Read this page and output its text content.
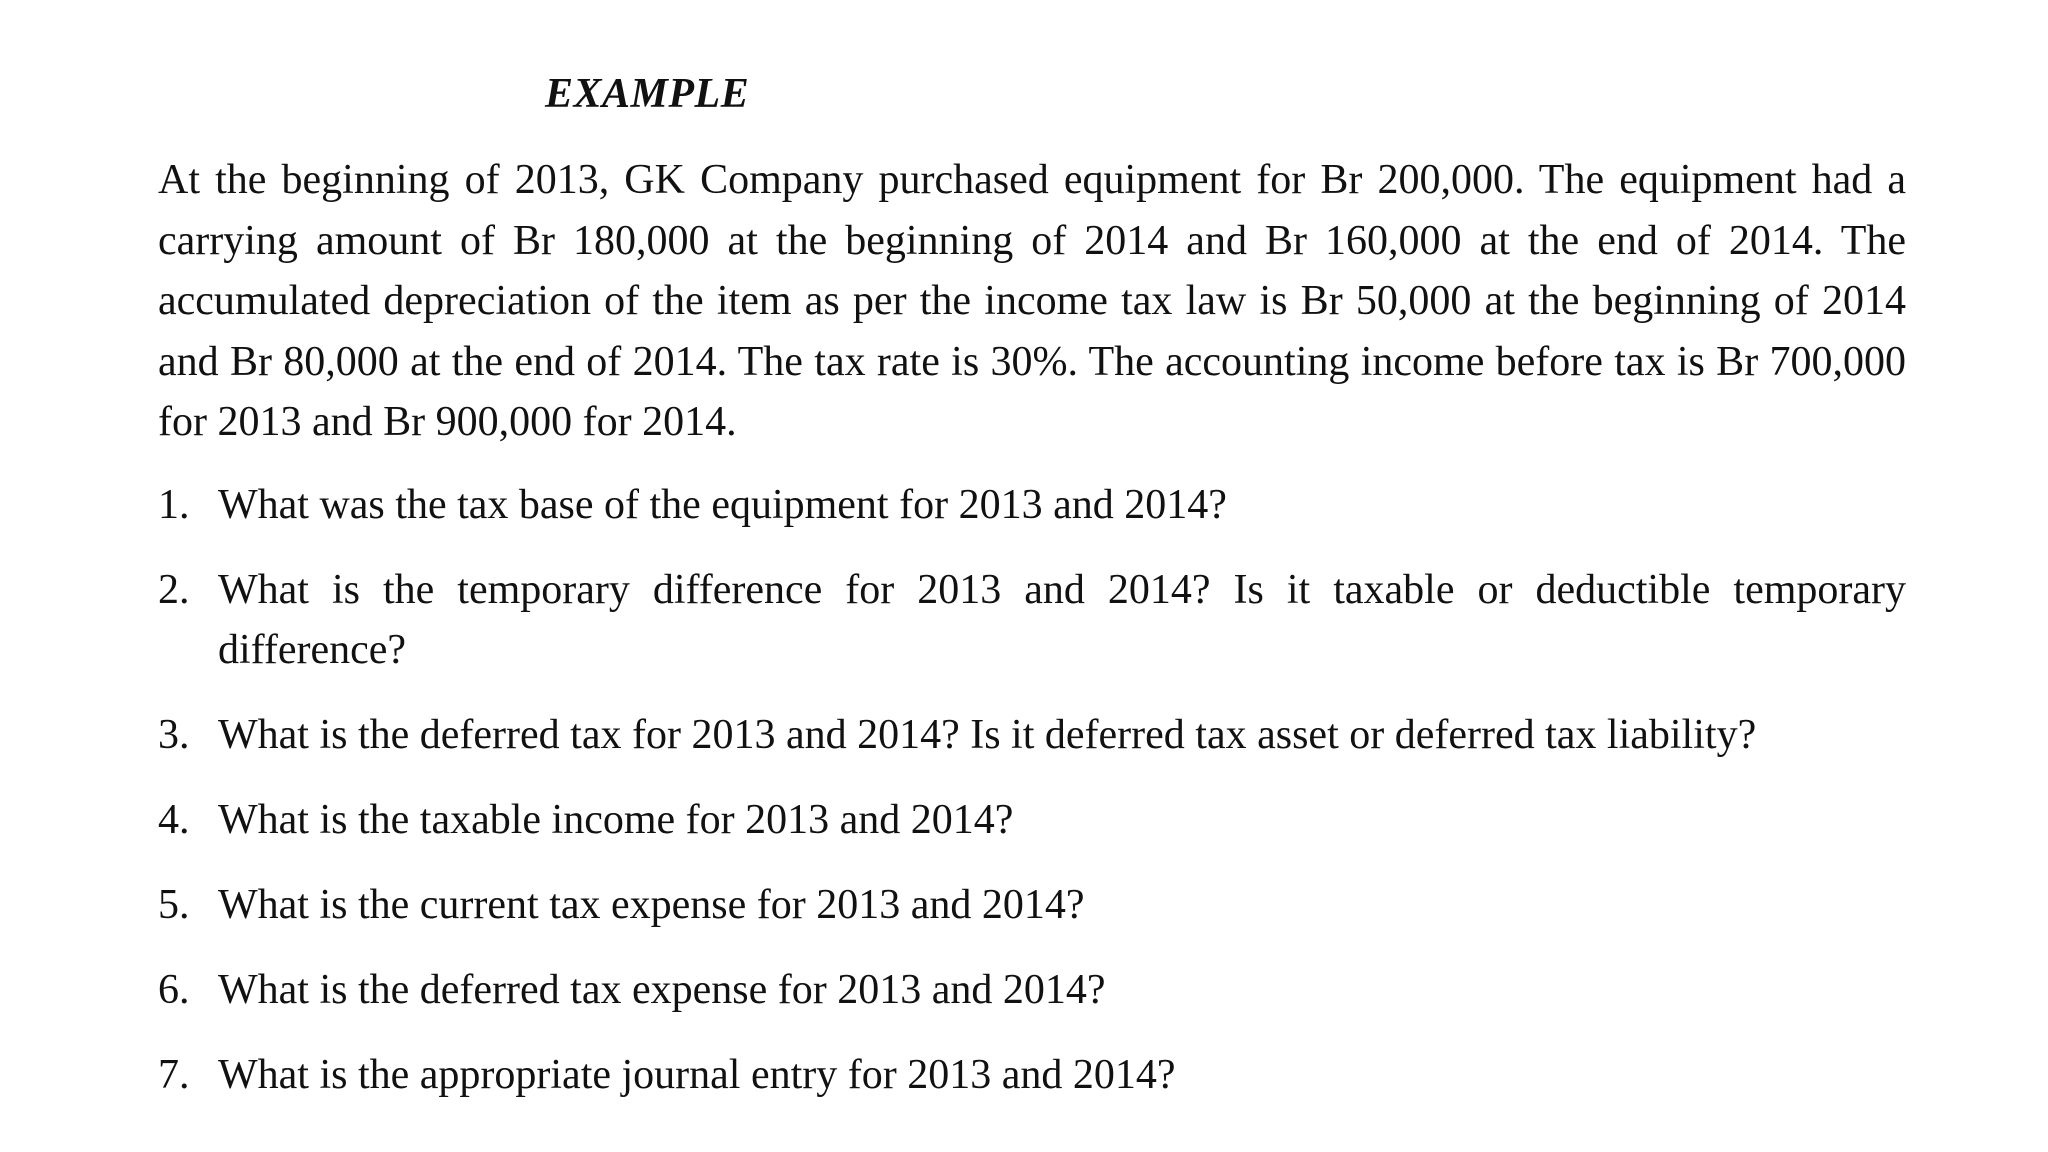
EXAMPLE

At the beginning of 2013, GK Company purchased equipment for Br 200,000. The equipment had a carrying amount of Br 180,000 at the beginning of 2014 and Br 160,000 at the end of 2014. The accumulated depreciation of the item as per the income tax law is Br 50,000 at the beginning of 2014 and Br 80,000 at the end of 2014. The tax rate is 30%. The accounting income before tax is Br 700,000 for 2013 and Br 900,000 for 2014.

1. What was the tax base of the equipment for 2013 and 2014?
2. What is the temporary difference for 2013 and 2014? Is it taxable or deductible temporary difference?
3. What is the deferred tax for 2013 and 2014? Is it deferred tax asset or deferred tax liability?
4. What is the taxable income for 2013 and 2014?
5. What is the current tax expense for 2013 and 2014?
6. What is the deferred tax expense for 2013 and 2014?
7. What is the appropriate journal entry for 2013 and 2014?
